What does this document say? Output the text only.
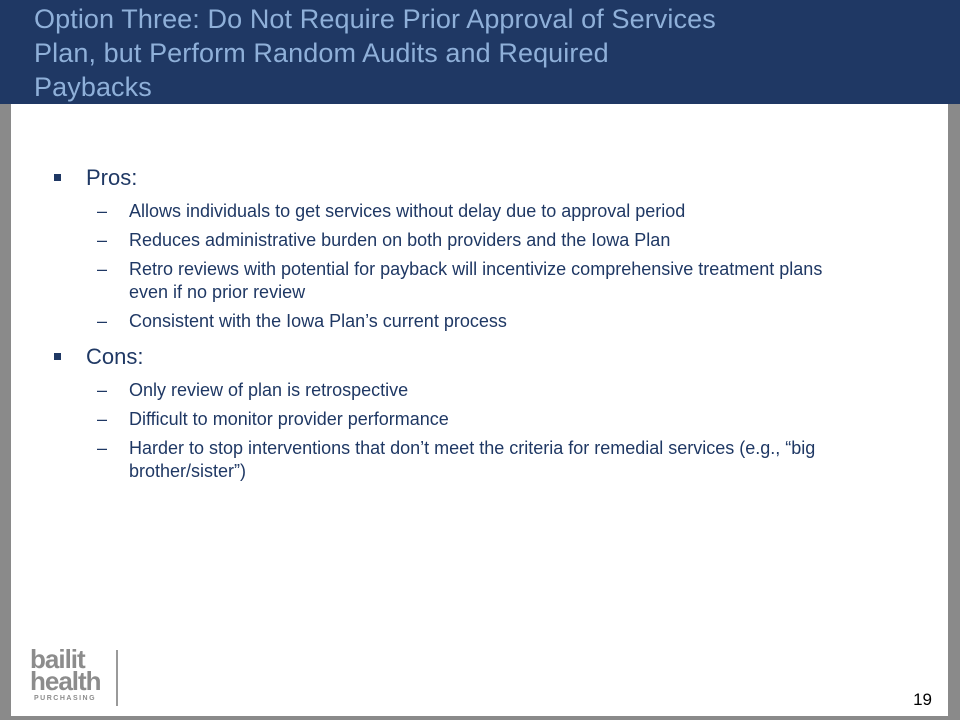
Option Three: Do Not Require Prior Approval of Services Plan, but Perform Random Audits and Required Paybacks
Pros:
– Allows individuals to get services without delay due to approval period
– Reduces administrative burden on both providers and the Iowa Plan
– Retro reviews with potential for payback will incentivize comprehensive treatment plans even if no prior review
– Consistent with the Iowa Plan’s current process
Cons:
– Only review of plan is retrospective
– Difficult to monitor provider performance
– Harder to stop interventions that don’t meet the criteria for remedial services (e.g., “big brother/sister”)
bailit
health
PURCHASING	19
